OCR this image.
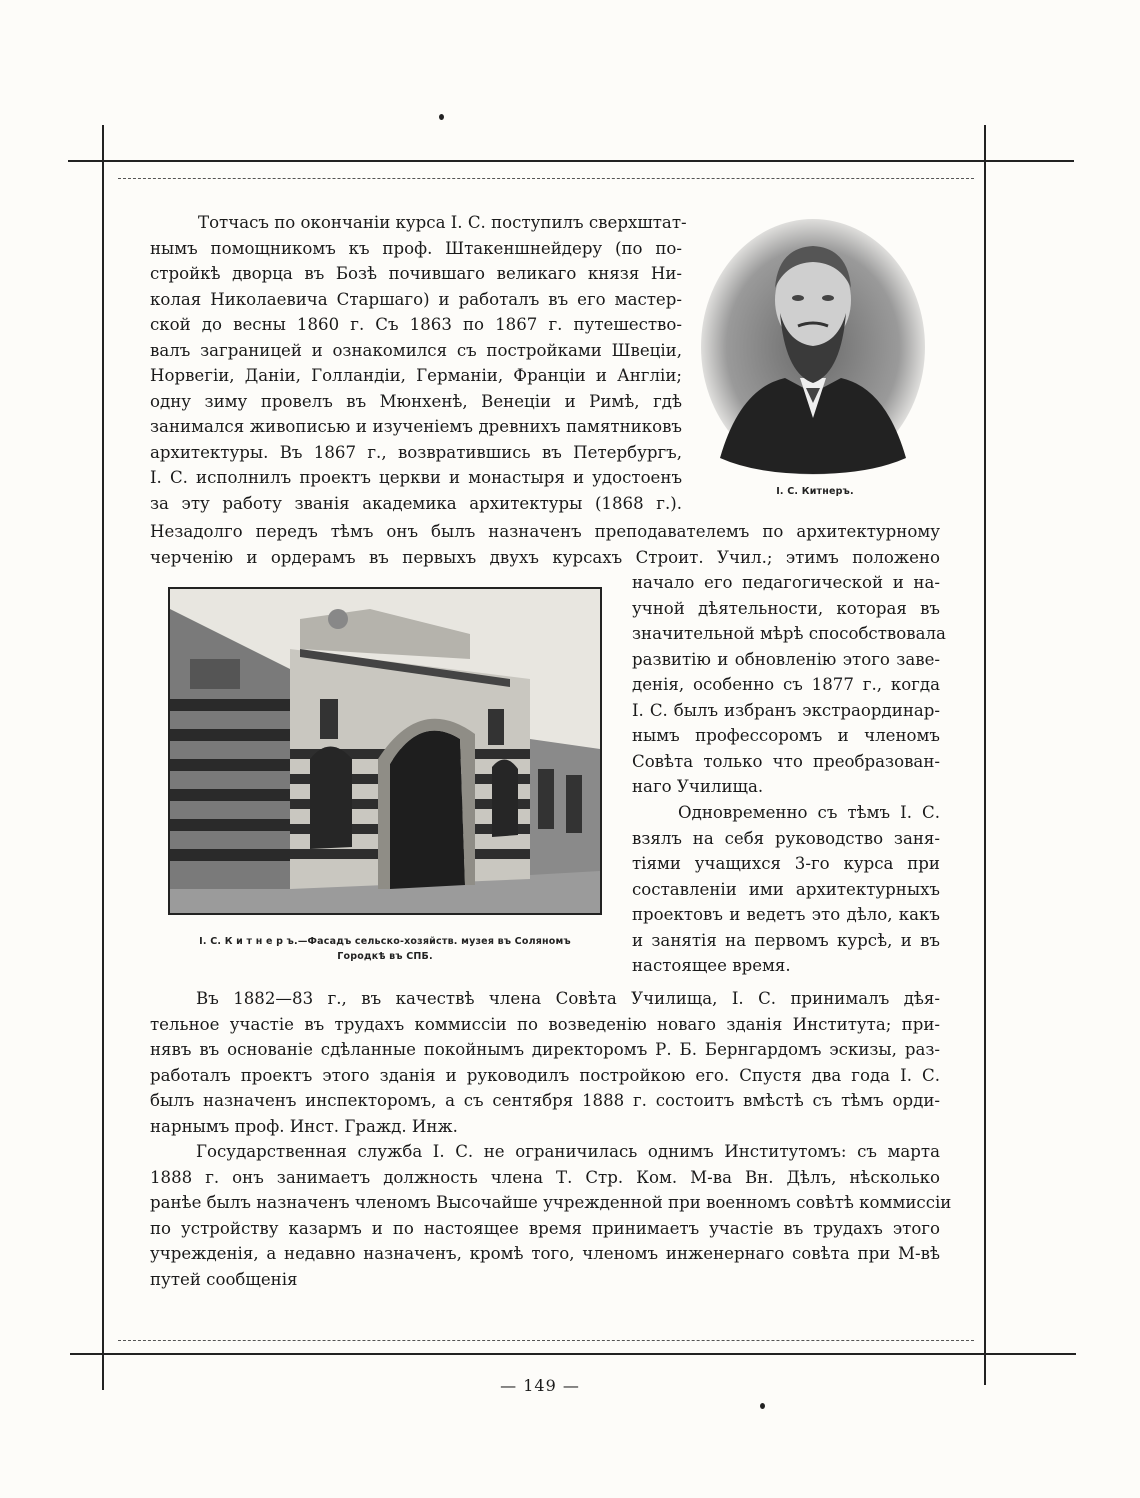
I. С. Китнеръ.
I. С. К и т н е р ъ.—Фасадъ сельско-хозяйств. музея въ Соляномъ
Городкѣ въ СПБ.
Тотчасъ по окончанiи курса I. С. поступилъ сверхштат-
нымъ помощникомъ къ проф. Штакеншнейдеру (по по-
стройкѣ дворца въ Бозѣ почившаго великаго князя Ни-
колая Николаевича Старшаго) и работалъ въ его мастер-
ской до весны 1860 г. Съ 1863 по 1867 г. путешество-
валъ заграницей и ознакомился съ постройками Швецiи,
Норвегiи, Данiи, Голландiи, Германiи, Францiи и Англiи;
одну зиму провелъ въ Мюнхенѣ, Венецiи и Римѣ, гдѣ
занимался живописью и изученiемъ древнихъ памятниковъ
архитектуры. Въ 1867 г., возвратившись въ Петербургъ,
I. С. исполнилъ проектъ церкви и монастыря и удостоенъ
за эту работу званiя академика архитектуры (1868 г.).
Незадолго передъ тѣмъ онъ былъ назначенъ преподавателемъ по архитектурному
черченiю и ордерамъ въ первыхъ двухъ курсахъ Строит. Учил.; этимъ положено
начало его педагогической и на-
учной дѣятельности, которая въ
значительной мѣрѣ способствовала
развитiю и обновленiю этого заве-
денiя, особенно съ 1877 г., когда
I. С. былъ избранъ экстраординар-
нымъ профессоромъ и членомъ
Совѣта только что преобразован-
наго Училища.
Одновременно съ тѣмъ I. С.
взялъ на себя руководство заня-
тiями учащихся 3-го курса при
составленiи ими архитектурныхъ
проектовъ и ведетъ это дѣло, какъ
и занятiя на первомъ курсѣ, и въ
настоящее время.
Въ 1882—83 г., въ качествѣ члена Совѣта Училища, I. С. принималъ дѣя-
тельное участiе въ трудахъ коммиссiи по возведенiю новаго зданiя Института; при-
нявъ въ основанiе сдѣланные покойнымъ директоромъ Р. Б. Бернгардомъ эскизы, раз-
работалъ проектъ этого зданiя и руководилъ постройкою его. Спустя два года I. С.
былъ назначенъ инспекторомъ, а съ сентября 1888 г. состоитъ вмѣстѣ съ тѣмъ орди-
нарнымъ проф. Инст. Гражд. Инж.
Государственная служба I. С. не ограничилась однимъ Институтомъ: съ марта
1888 г. онъ занимаетъ должность члена Т. Стр. Ком. М-ва Вн. Дѣлъ, нѣсколько
ранѣе былъ назначенъ членомъ Высочайше учрежденной при военномъ совѣтѣ коммиссiи
по устройству казармъ и по настоящее время принимаетъ участiе въ трудахъ этого
учрежденiя, а недавно назначенъ, кромѣ того, членомъ инженернаго совѣта при М-вѣ
путей сообщенiя
— 149 —
